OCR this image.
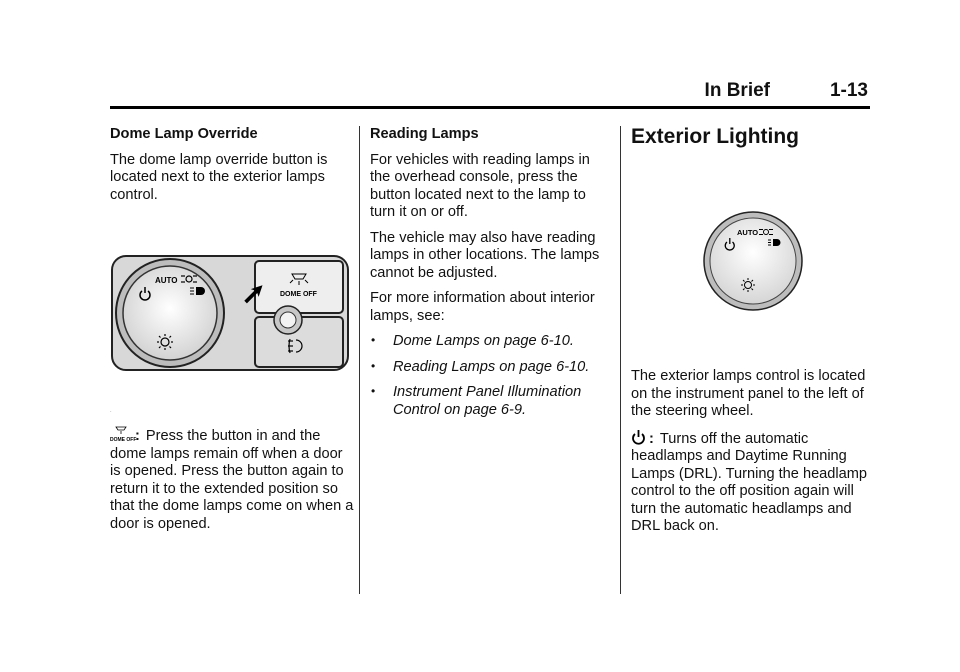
In Brief	1-13
Dome Lamp Override

The dome lamp override button is located next to the exterior lamps control.

AUTO
DOME OFF
·
DOME OFF
: Press the button in and the dome lamps remain off when a door is opened. Press the button again to return it to the extended position so that the dome lamps come on when a door is opened.
Reading Lamps

For vehicles with reading lamps in the overhead console, press the button located next to the lamp to turn it on or off.

The vehicle may also have reading lamps in other locations. The lamps cannot be adjusted.

For more information about interior lamps, see:

• Dome Lamps on page 6-10.
• Reading Lamps on page 6-10.
• Instrument Panel Illumination Control on page 6-9.
Exterior Lighting
AUTO

The exterior lamps control is located on the instrument panel to the left of the steering wheel.

: Turns off the automatic headlamps and Daytime Running Lamps (DRL). Turning the headlamp control to the off position again will turn the automatic headlamps and DRL back on.
